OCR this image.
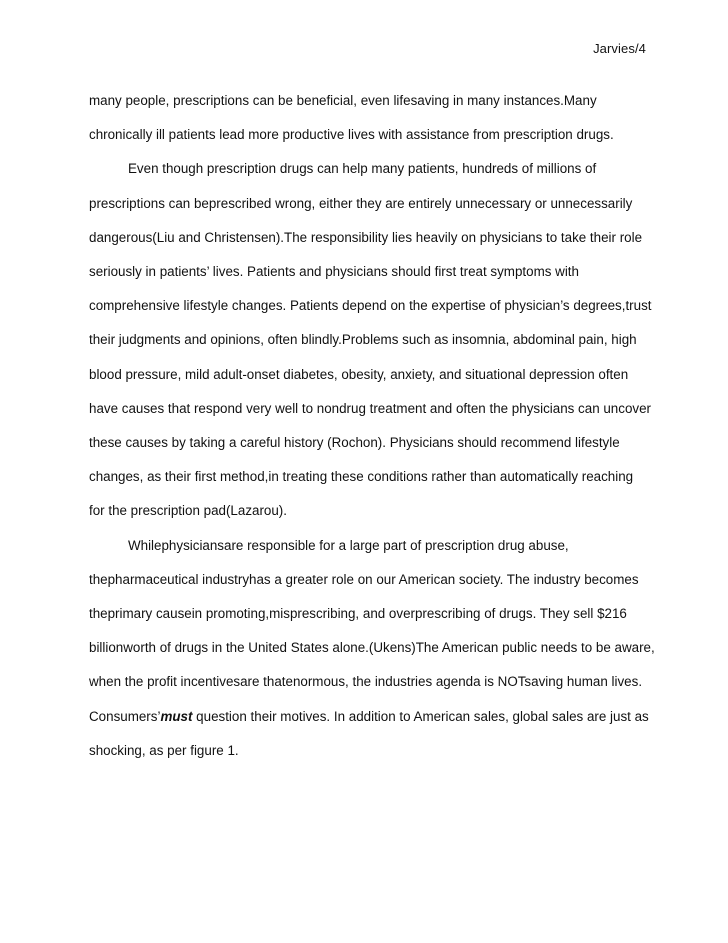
Jarvies/4

many people, prescriptions can be beneficial, even lifesaving in many instances.Many
chronically ill patients lead more productive lives with assistance from prescription drugs.

Even though prescription drugs can help many patients, hundreds of millions of
prescriptions can beprescribed wrong, either they are entirely unnecessary or unnecessarily
dangerous(Liu and Christensen).The responsibility lies heavily on physicians to take their role
seriously in patients’ lives. Patients and physicians should first treat symptoms with
comprehensive lifestyle changes. Patients depend on the expertise of physician’s degrees,trust
their judgments and opinions, often blindly.Problems such as insomnia, abdominal pain, high
blood pressure, mild adult-onset diabetes, obesity, anxiety, and situational depression often
have causes that respond very well to nondrug treatment and often the physicians can uncover
these causes by taking a careful history (Rochon). Physicians should recommend lifestyle
changes, as their first method,in treating these conditions rather than automatically reaching
for the prescription pad(Lazarou).

Whilephysiciansare responsible for a large part of prescription drug abuse,
thepharmaceutical industryhas a greater role on our American society. The industry becomes
theprimary causein promoting,misprescribing, and overprescribing of drugs. They sell $216
billionworth of drugs in the United States alone.(Ukens)The American public needs to be aware,
when the profit incentivesare thatenormous, the industries agenda is NOTsaving human lives.
Consumers’must question their motives. In addition to American sales, global sales are just as
shocking, as per figure 1.
